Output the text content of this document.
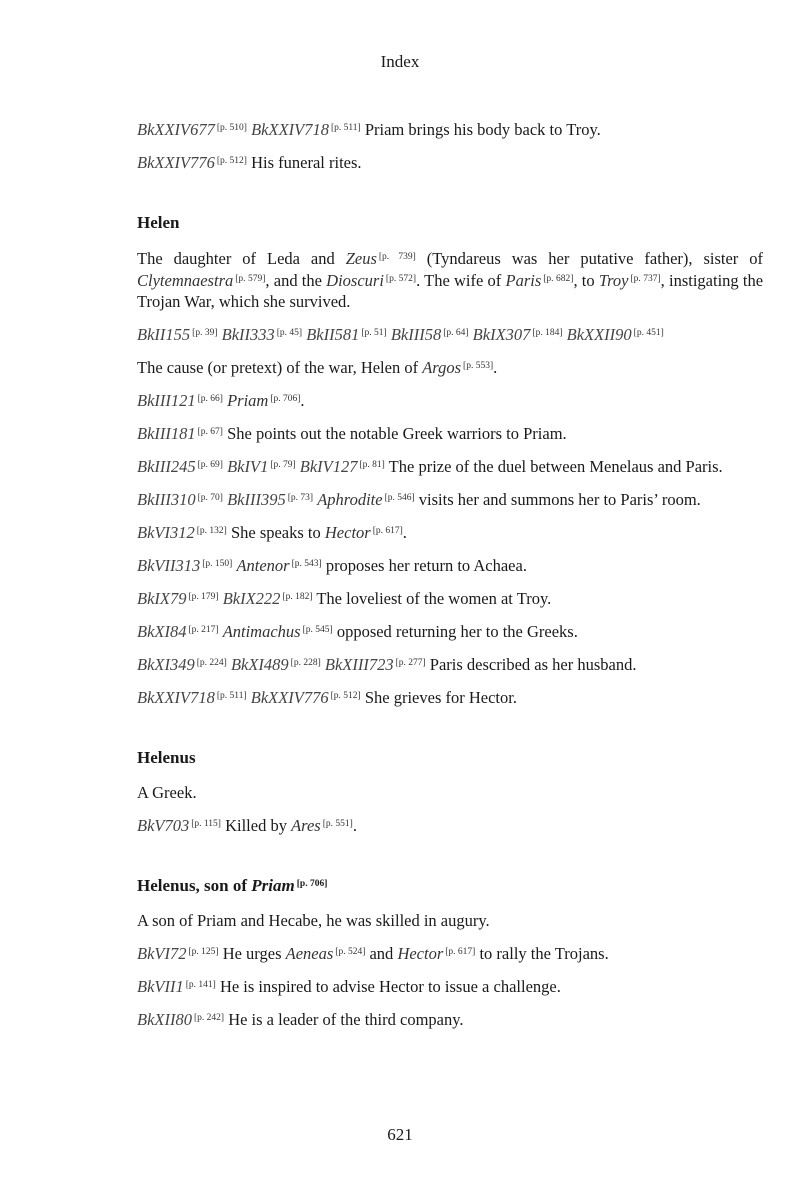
Index

BkXXIV677 [p. 510] BkXXIV718 [p. 511] Priam brings his body back to Troy.

BkXXIV776 [p. 512] His funeral rites.

Helen

The daughter of Leda and Zeus [p. 739] (Tyndareus was her putative father), sister of Clytemnaestra [p. 579], and the Dioscuri [p. 572]. The wife of Paris [p. 682], to Troy [p. 737], instigating the Trojan War, which she survived.

BkII155 [p. 39] BkII333 [p. 45] BkII581 [p. 51] BkIII58 [p. 64] BkIX307 [p. 184] BkXXII90 [p. 451]

The cause (or pretext) of the war, Helen of Argos [p. 553].

BkIII121 [p. 66] Priam [p. 706].

BkIII181 [p. 67] She points out the notable Greek warriors to Priam.

BkIII245 [p. 69] BkIV1 [p. 79] BkIV127 [p. 81] The prize of the duel between Menelaus and Paris.

BkIII310 [p. 70] BkIII395 [p. 73] Aphrodite [p. 546] visits her and summons her to Paris’ room.

BkVI312 [p. 132] She speaks to Hector [p. 617].

BkVII313 [p. 150] Antenor [p. 543] proposes her return to Achaea.

BkIX79 [p. 179] BkIX222 [p. 182] The loveliest of the women at Troy.

BkXI84 [p. 217] Antimachus [p. 545] opposed returning her to the Greeks.

BkXI349 [p. 224] BkXI489 [p. 228] BkXIII723 [p. 277] Paris described as her husband.

BkXXIV718 [p. 511] BkXXIV776 [p. 512] She grieves for Hector.

Helenus

A Greek.

BkV703 [p. 115] Killed by Ares [p. 551].

Helenus, son of Priam [p. 706]

A son of Priam and Hecabe, he was skilled in augury.

BkVI72 [p. 125] He urges Aeneas [p. 524] and Hector [p. 617] to rally the Trojans.

BkVII1 [p. 141] He is inspired to advise Hector to issue a challenge.

BkXII80 [p. 242] He is a leader of the third company.

621
